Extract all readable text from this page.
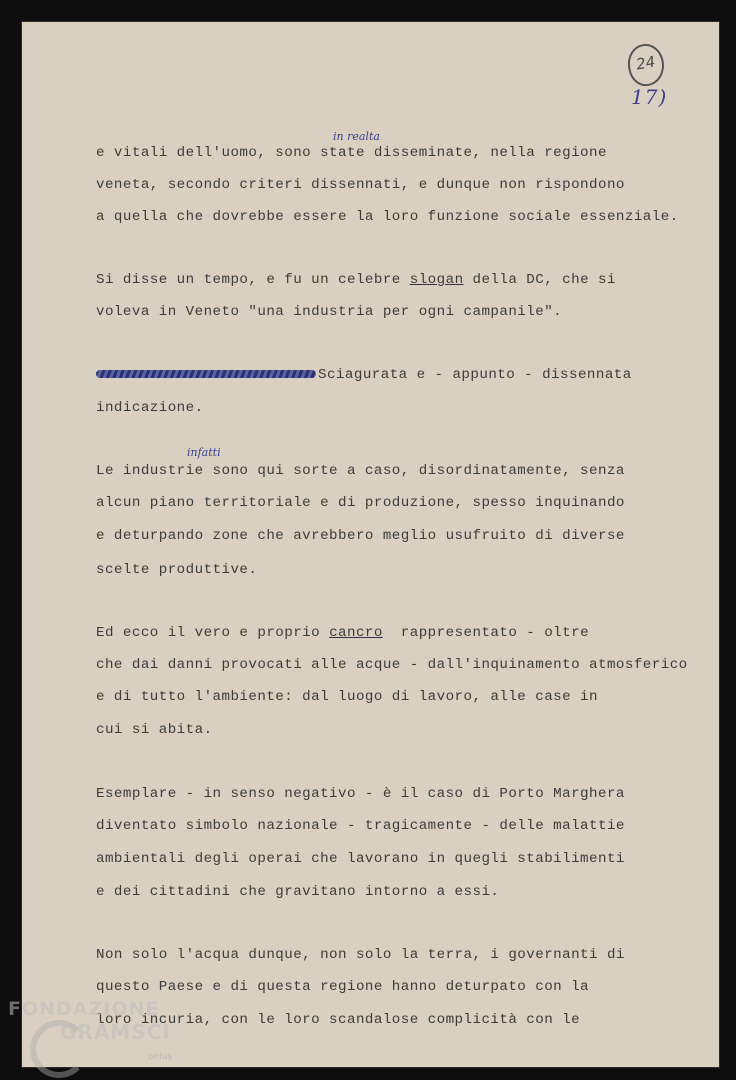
24
17)
in realta
infatti
e vitali dell'uomo, sono state disseminate, nella regione
veneta, secondo criteri dissennati, e dunque non rispondono
a quella che dovrebbe essere la loro funzione sociale essenziale.
Si disse un tempo, e fu un celebre slogan della DC, che si
voleva in Veneto "una industria per ogni campanile".
Sciagurata e - appunto - dissennata
indicazione.
Le industrie sono qui sorte a caso, disordinatamente, senza
alcun piano territoriale e di produzione, spesso inquinando
e deturpando zone che avrebbero meglio usufruito di diverse
scelte produttive.
Ed ecco il vero e proprio cancro  rappresentato - oltre
che dai danni provocati alle acque - dall'inquinamento atmosferico
e di tutto l'ambiente: dal luogo di lavoro, alle case in
cui si abita.
Esemplare - in senso negativo - è il caso di Porto Marghera
diventato simbolo nazionale - tragicamente - delle malattie
ambientali degli operai che lavorano in quegli stabilimenti
e dei cittadini che gravitano intorno a essi.
Non solo l'acqua dunque, non solo la terra, i governanti di
questo Paese e di questa regione hanno deturpato con la
loro incuria, con le loro scandalose complicità con le
FONDAZIONE
GRAMSCI
onlus
